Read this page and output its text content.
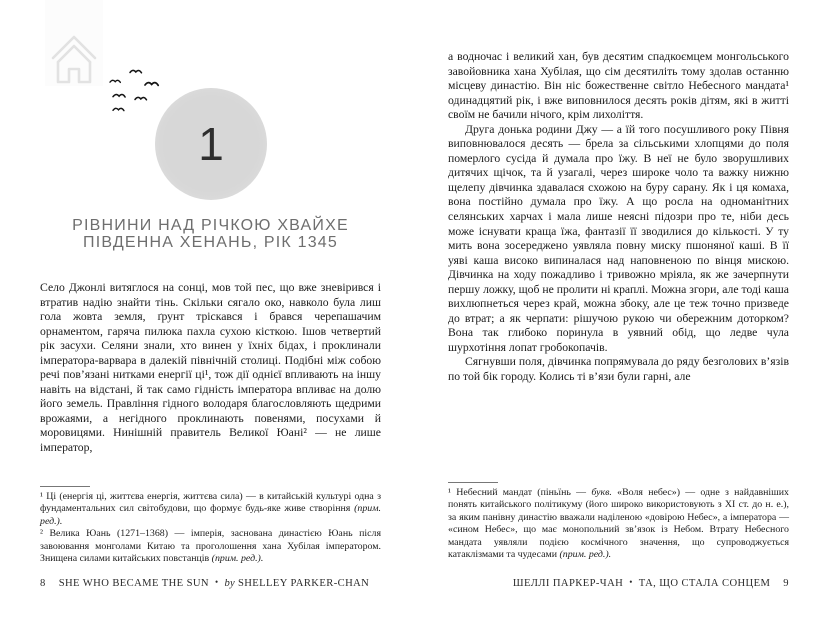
1
РІВНИНИ НАД РІЧКОЮ ХВАЙХЕ
ПІВДЕННА ХЕНАНЬ, РІК 1345

Село Джонлі витяглося на сонці, мов той пес, що вже зневірився і втратив надію знайти тінь. Скільки сягало око, навколо була лиш гола жовта земля, ґрунт тріскався і брався черепашачим орнаментом, гаряча пилюка пахла сухою кісткою. Ішов четвертий рік засухи. Селяни знали, хто винен у їхніх бідах, і проклинали імператора-варвара в далекій північній столиці. Подібні між собою речі пов’язані нитками енергії ці¹, тож дії однієї впливають на іншу навіть на відстані, й так само гідність імператора впливає на долю його земель. Правління гідного володаря благословляють щедрими врожаями, а негідного проклинають повенями, посухами й моровицями. Нинішній правитель Великої Юані² — не лише імператор,

¹ Ці (енергія ці, життєва енергія, життєва сила) — в китайській культурі одна з фундаментальних сил світобудови, що формує будь-яке живе створіння (прим. ред.).

² Велика Юань (1271–1368) — імперія, заснована династією Юань після завоювання монголами Китаю та проголошення хана Хубілая імператором. Знищена силами китайських повстанців (прим. ред.).

8 SHE WHO BECAME THE SUN • by SHELLEY PARKER-CHAN

а водночас і великий хан, був десятим спадкоємцем монгольського завойовника хана Хубілая, що сім десятиліть тому здолав останню місцеву династію. Він ніс божественне світло Небесного мандата¹ одинадцятий рік, і вже виповнилося десять років дітям, які в житті своїм не бачили нічого, крім лихоліття.

Друга донька родини Джу — а їй того посушливого року Півня виповнювалося десять — брела за сільськими хлопцями до поля померлого сусіда й думала про їжу. В неї не було зворушливих дитячих щічок, та й узагалі, через широке чоло та важку нижню щелепу дівчинка здавалася схожою на буру сарану. Як і ця комаха, вона постійно думала про їжу. А що росла на одноманітних селянських харчах і мала лише неясні підозри про те, ніби десь може існувати краща їжа, фантазії її зводилися до кількості. У ту мить вона зосереджено уявляла повну миску пшоняної каші. В її уяві каша високо випиналася над наповненою по вінця мискою. Дівчинка на ходу пожадливо і тривожно мріяла, як же зачерпнути першу ложку, щоб не пролити ні краплі. Можна згори, але тоді каша вихлюпнеться через край, можна збоку, але це теж точно призведе до втрат; а як черпати: рішучою рукою чи обережним доторком? Вона так глибоко поринула в уявний обід, що ледве чула шурхотіння лопат гробокопачів.

Сягнувши поля, дівчинка попрямувала до ряду безголових в’язів по той бік городу. Колись ті в’язи були гарні, але

¹ Небесний мандат (піньїнь — букв. «Воля небес») — одне з найдавніших понять китайського політикуму (його широко використовують з XI ст. до н. е.), за яким панівну династію вважали наділеною «довірою Небес», а імператора — «сином Небес», що має монопольний зв’язок із Небом. Втрату Небесного мандата уявляли подією космічного значення, що супроводжується катаклізмами та чудесами (прим. ред.).

ШЕЛЛІ ПАРКЕР-ЧАН • ТА, ЩО СТАЛА СОНЦЕМ 9
